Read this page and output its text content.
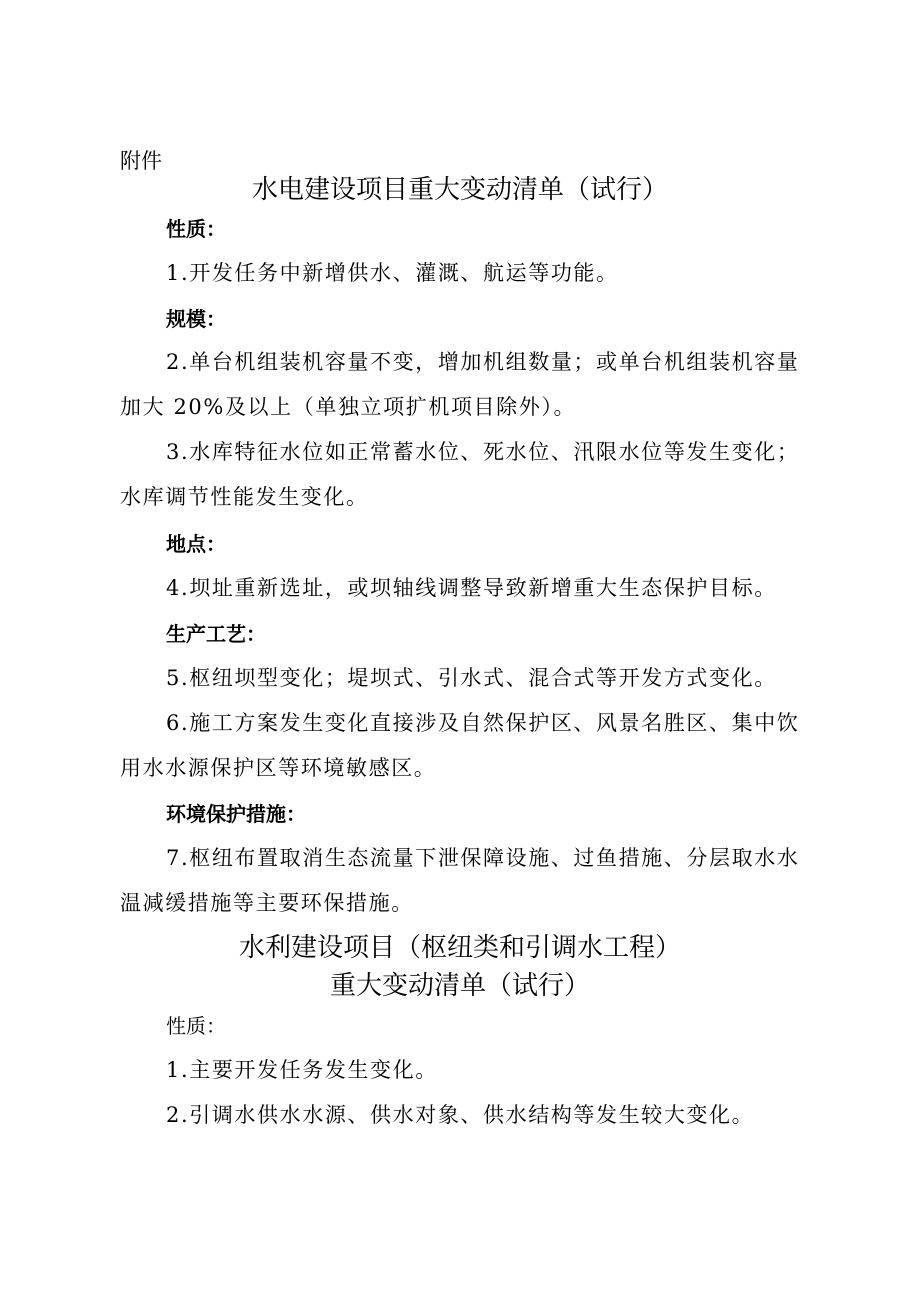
附件
水电建设项目重大变动清单（试行）
性质：
1.开发任务中新增供水、灌溉、航运等功能。
规模：
2.单台机组装机容量不变，增加机组数量；或单台机组装机容量加大 20%及以上（单独立项扩机项目除外）。
3.水库特征水位如正常蓄水位、死水位、汛限水位等发生变化；水库调节性能发生变化。
地点：
4.坝址重新选址，或坝轴线调整导致新增重大生态保护目标。
生产工艺：
5.枢纽坝型变化；堤坝式、引水式、混合式等开发方式变化。
6.施工方案发生变化直接涉及自然保护区、风景名胜区、集中饮用水水源保护区等环境敏感区。
环境保护措施：
7.枢纽布置取消生态流量下泄保障设施、过鱼措施、分层取水水温减缓措施等主要环保措施。
水利建设项目（枢纽类和引调水工程）
重大变动清单（试行）
性质：
1.主要开发任务发生变化。
2.引调水供水水源、供水对象、供水结构等发生较大变化。
